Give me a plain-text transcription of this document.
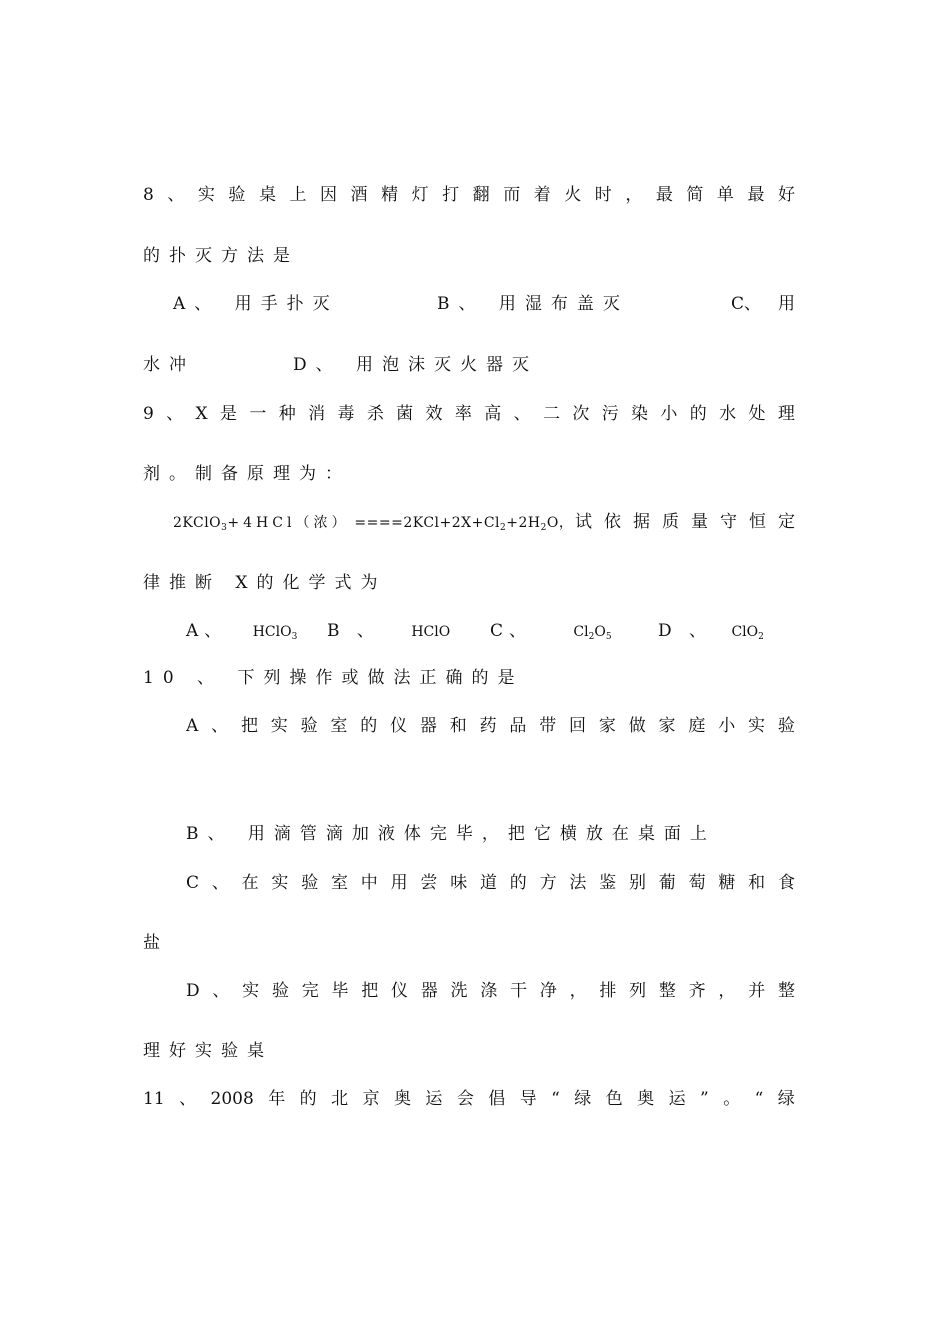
8 、 实 验 桌 上 因 酒 精 灯 打 翻 而 着 火 时 ， 最 简 单 最 好
的扑灭方法是
A、 用手扑灭	B、 用湿布盖灭	C、 用
水冲	D、 用泡沫灭火器灭
9 、 X 是 一 种 消 毒 杀 菌 效 率 高 、 二 次 污 染 小 的 水 处 理
剂。制备原理为：
2KClO$_3$+4HCl（浓） $====2KCl+2X+Cl_2+2H_2O$， 试依据质量守恒定
律推断 X的化学式为
A、 HClO$_3$ B 、 HClO C、	$Cl_2O_5$	D 、 ClO$_2$
10 、 下列操作或做法正确的是
A 、 把 实 验 室 的 仪 器 和 药 品 带 回 家 做 家 庭 小 实 验
B、 用滴管滴加液体完毕，把它横放在桌面上
C 、 在 实 验 室 中 用 尝 味 道 的 方 法 鉴 别 葡 萄 糖 和 食
盐
D 、 实 验 完 毕 把 仪 器 洗 涤 干 净 ， 排 列 整 齐 ， 并 整
理好实验桌
11 、 2008 年 的 北 京 奥 运 会 倡 导 “ 绿 色 奥 运 ” 。 “ 绿
